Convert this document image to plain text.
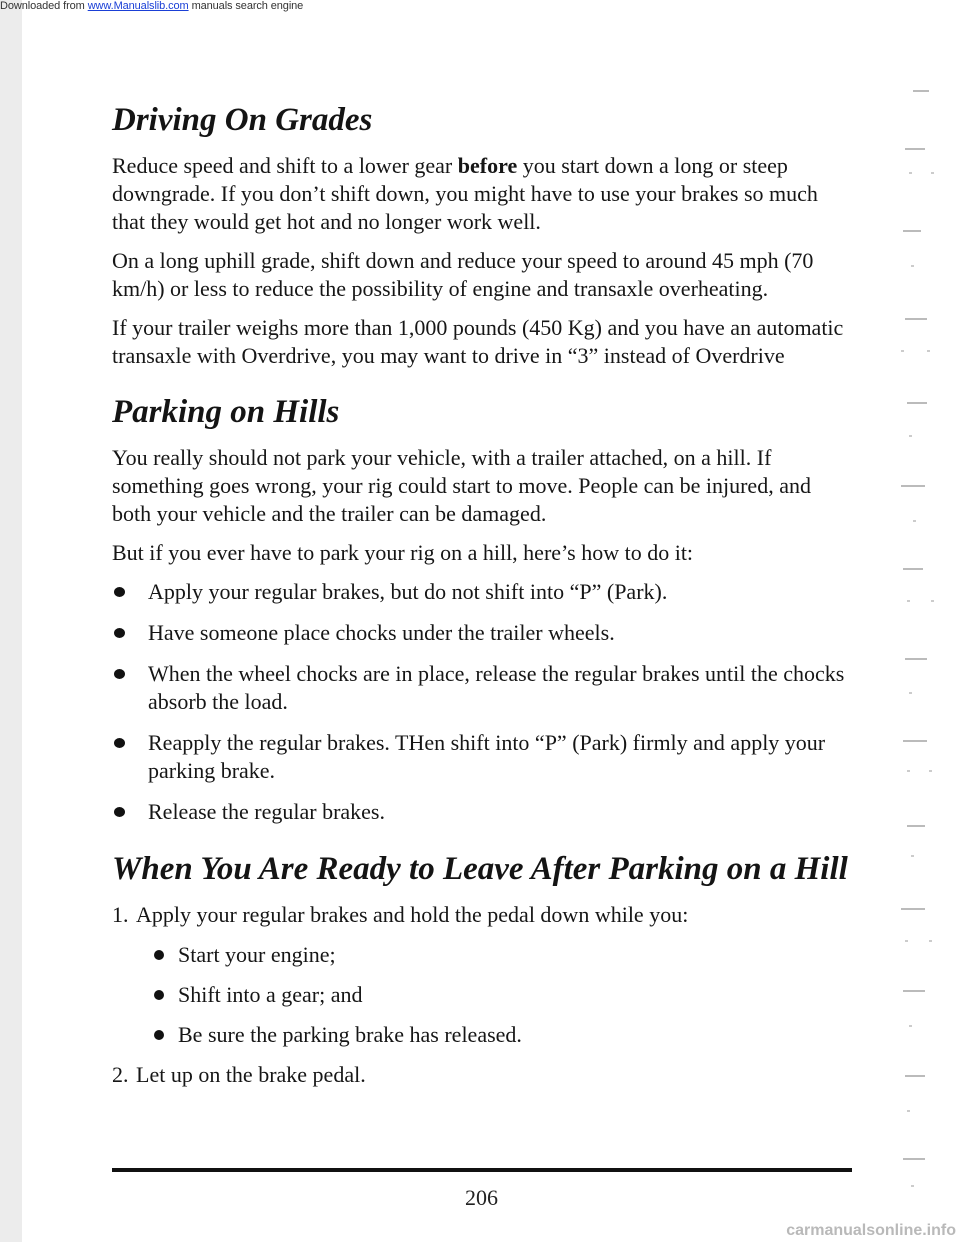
Downloaded from www.Manualslib.com manuals search engine
Driving On Grades

Reduce speed and shift to a lower gear before you start down a long or steep downgrade. If you don’t shift down, you might have to use your brakes so much that they would get hot and no longer work well.

On a long uphill grade, shift down and reduce your speed to around 45 mph (70 km/h) or less to reduce the possibility of engine and transaxle overheating.

If your trailer weighs more than 1,000 pounds (450 Kg) and you have an automatic transaxle with Overdrive, you may want to drive in “3” instead of Overdrive

Parking on Hills

You really should not park your vehicle, with a trailer attached, on a hill. If something goes wrong, your rig could start to move. People can be injured, and both your vehicle and the trailer can be damaged.

But if you ever have to park your rig on a hill, here’s how to do it:

Apply your regular brakes, but do not shift into “P” (Park).
Have someone place chocks under the trailer wheels.
When the wheel chocks are in place, release the regular brakes until the chocks absorb the load.
Reapply the regular brakes. THen shift into “P” (Park) firmly and apply your parking brake.
Release the regular brakes.
When You Are Ready to Leave After Parking on a Hill
1. Apply your regular brakes and hold the pedal down while you:
Start your engine;
Shift into a gear; and
Be sure the parking brake has released.
2. Let up on the brake pedal.
206
carmanualsonline.info
